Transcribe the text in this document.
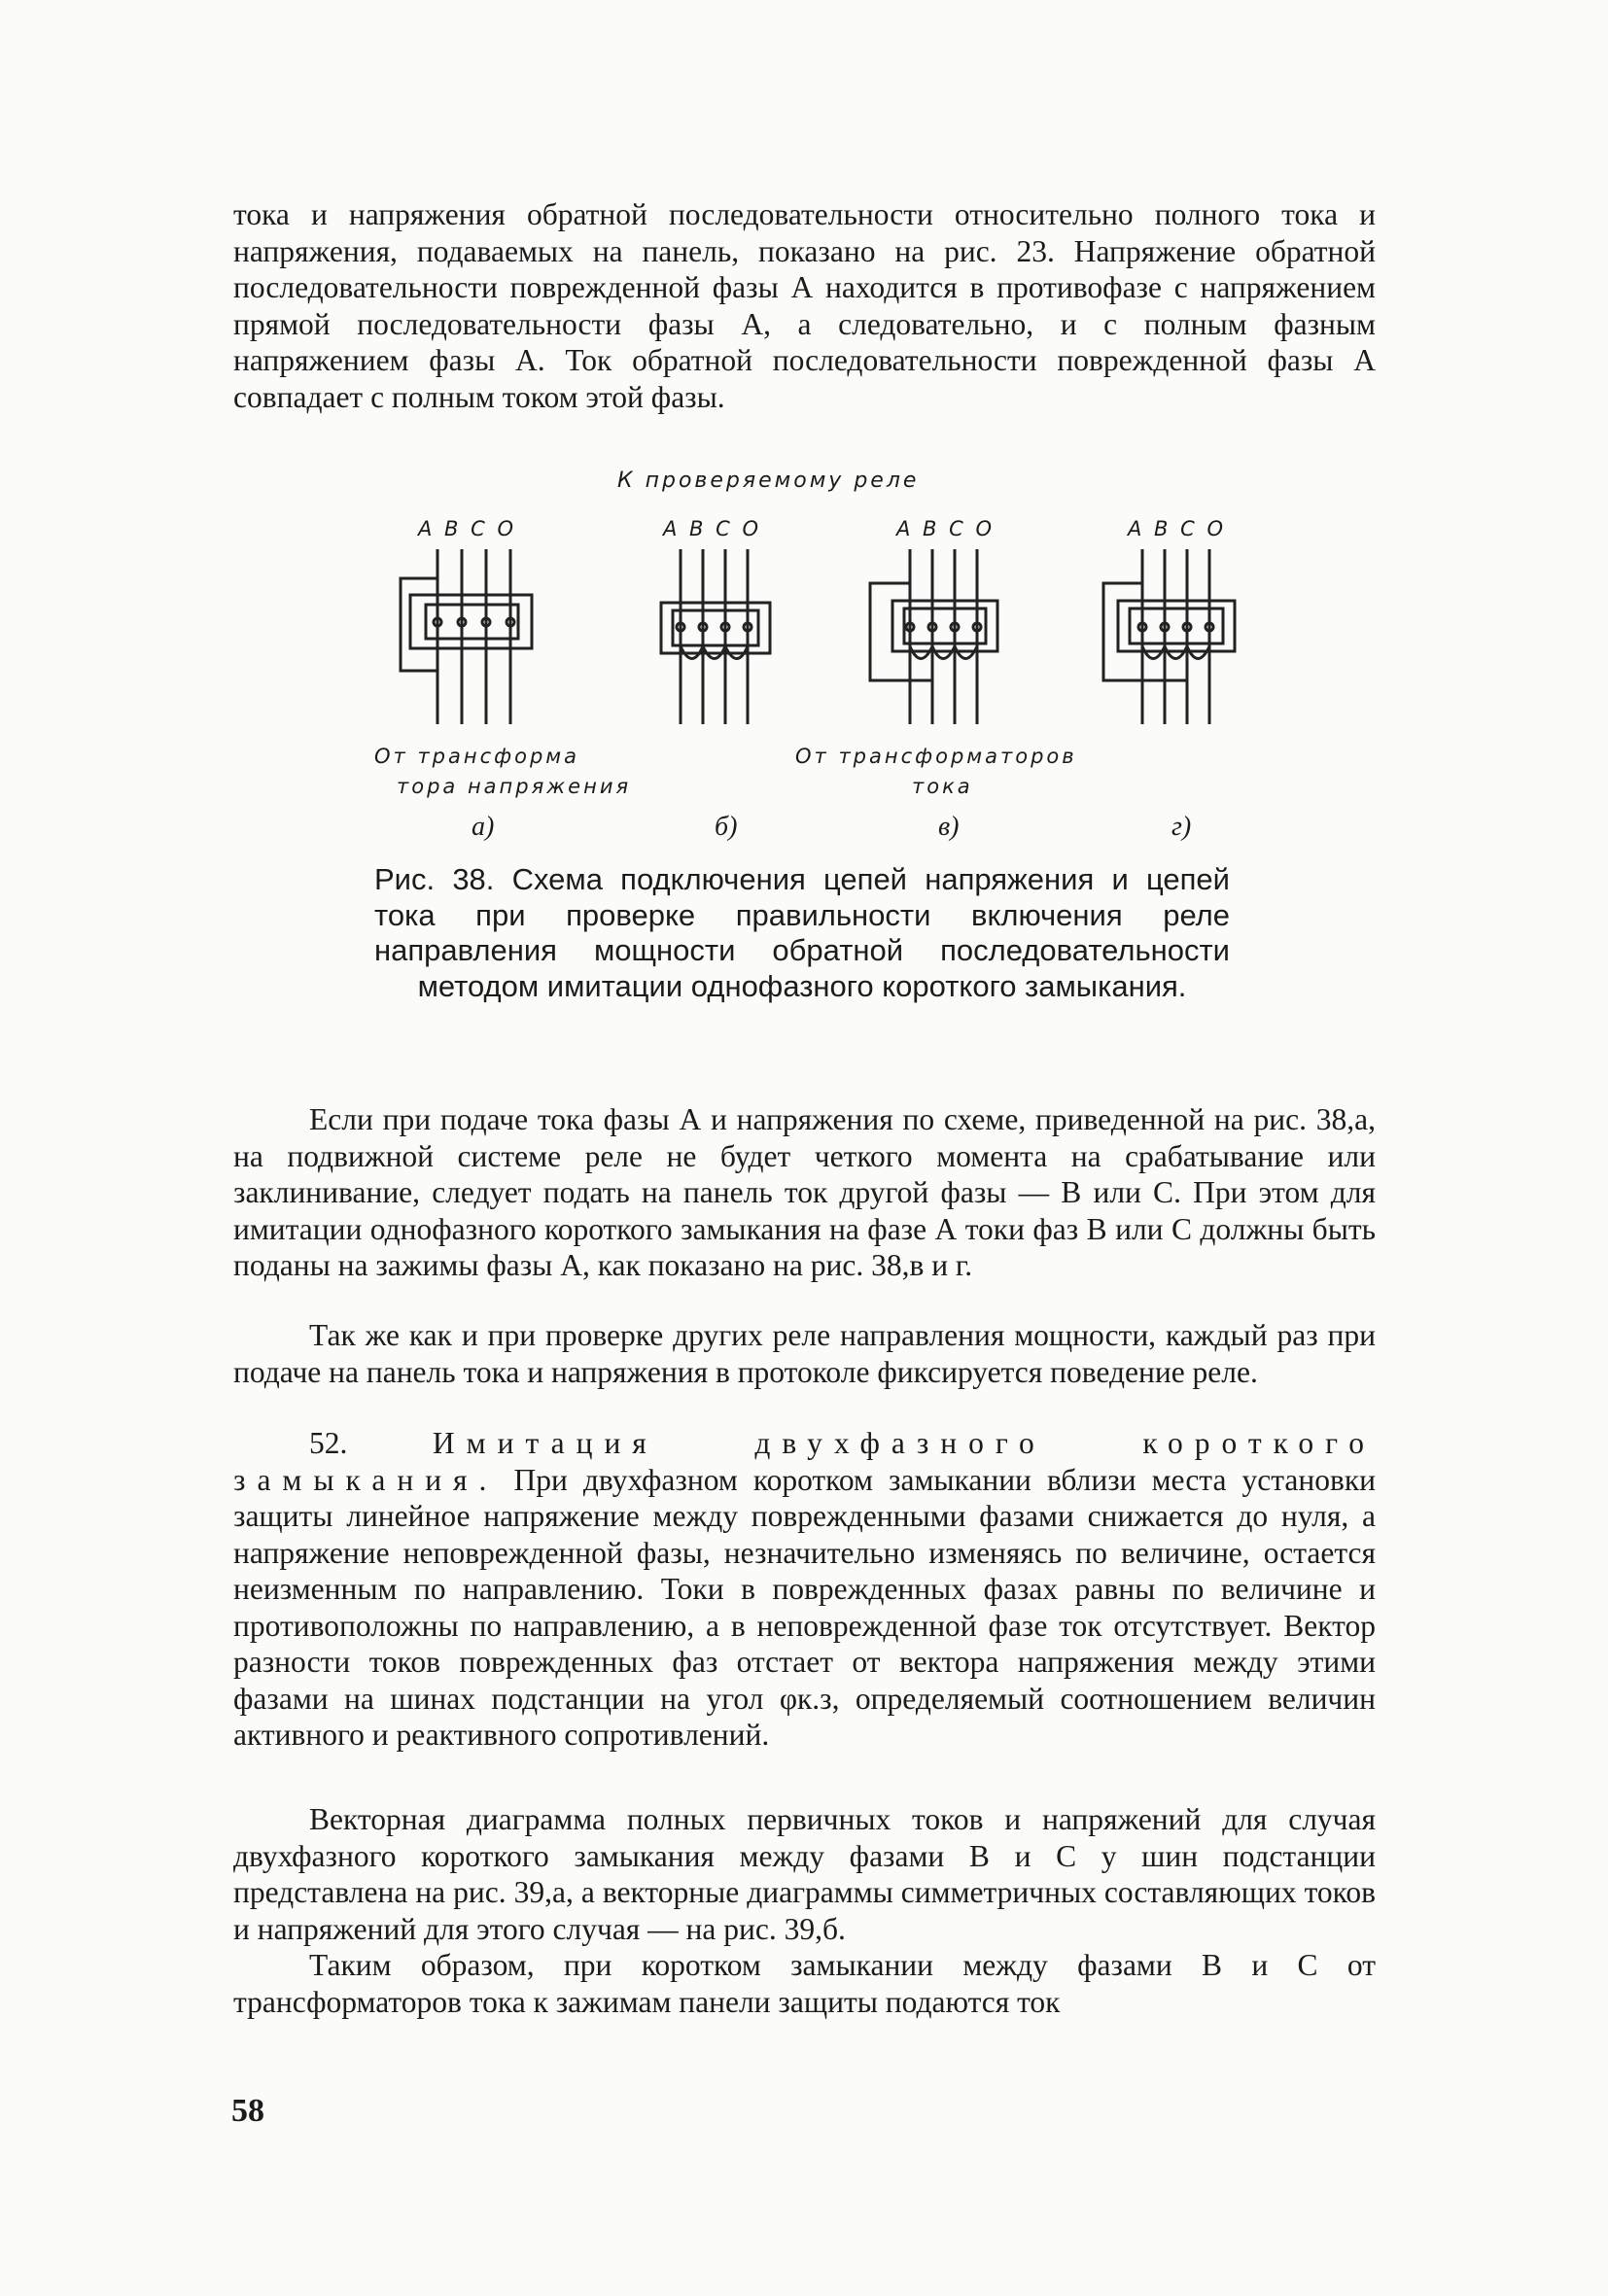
тока и напряжения обратной последовательности относительно полного тока и напряжения, подаваемых на панель, показано на рис. 23. Напряжение обратной последовательности поврежденной фазы А находится в противофазе с напряжением прямой последовательности фазы А, а следовательно, и с полным фазным напряжением фазы А. Ток обратной последовательности поврежденной фазы А совпадает с полным током этой фазы.

К проверяемому реле
А В С О	А В С О	А В С О	А В С О
От трансформа
тора напряжения
От трансформаторов
тока
а)	б)	в)	г)
Рис. 38. Схема подключения цепей напряжения и цепей тока при проверке правильности включения реле направления мощности обратной последовательности методом имитации однофазного короткого замыкания.

Если при подаче тока фазы А и напряжения по схеме, приведенной на рис. 38,а, на подвижной системе реле не будет четкого момента на срабатывание или заклинивание, следует подать на панель ток другой фазы — В или С. При этом для имитации однофазного короткого замыкания на фазе А токи фаз В или С должны быть поданы на зажимы фазы А, как показано на рис. 38,в и г.

Так же как и при проверке других реле направления мощности, каждый раз при подаче на панель тока и напряжения в протоколе фиксируется поведение реле.

52.	Имитация двухфазного короткого замыкания. При двухфазном коротком замыкании вблизи места установки защиты линейное напряжение между поврежденными фазами снижается до нуля, а напряжение неповрежденной фазы, незначительно изменяясь по величине, остается неизменным по направлению. Токи в поврежденных фазах равны по величине и противоположны по направлению, а в неповрежденной фазе ток отсутствует. Вектор разности токов поврежденных фаз отстает от вектора напряжения между этими фазами на шинах подстанции на угол φк.з, определяемый соотношением величин активного и реактивного сопротивлений.

Векторная диаграмма полных первичных токов и напряжений для случая двухфазного короткого замыкания между фазами В и С у шин подстанции представлена на рис. 39,а, а векторные диаграммы симметричных составляющих токов и напряжений для этого случая — на рис. 39,б.

Таким образом, при коротком замыкании между фазами В и С от трансформаторов тока к зажимам панели защиты подаются ток

58
